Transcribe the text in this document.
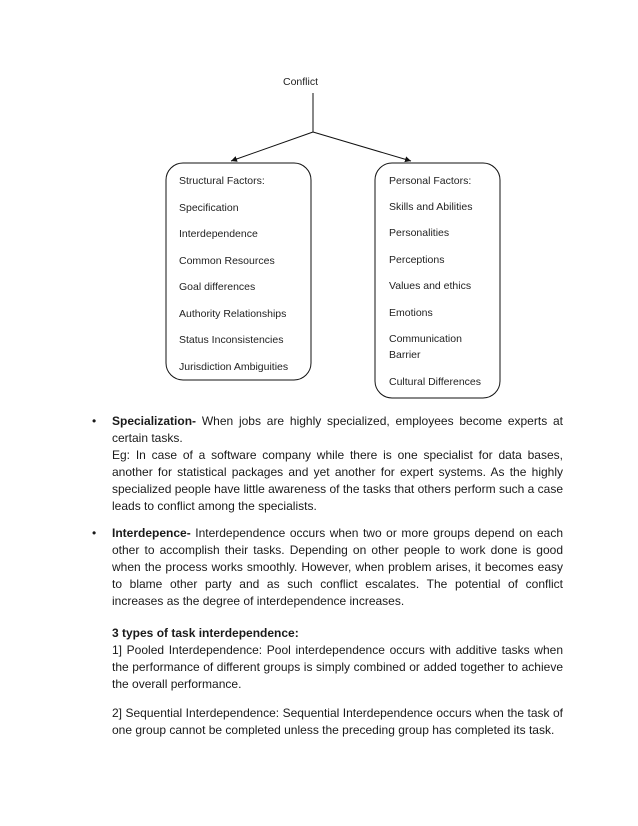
Conflict
Structural Factors:
Specification
Interdependence
Common Resources
Goal differences
Authority Relationships
Status Inconsistencies
Jurisdiction Ambiguities
Personal Factors:
Skills and Abilities
Personalities
Perceptions
Values and ethics
Emotions
Communication
Barrier
Cultural Differences
• Specialization- When jobs are highly specialized, employees become experts at certain tasks.

Eg: In case of a software company while there is one specialist for data bases, another for statistical packages and yet another for expert systems. As the highly specialized people have little awareness of the tasks that others perform such a case leads to conflict among the specialists.

• Interdepence- Interdependence occurs when two or more groups depend on each other to accomplish their tasks. Depending on other people to work done is good when the process works smoothly. However, when problem arises, it becomes easy to blame other party and as such conflict escalates. The potential of conflict increases as the degree of interdependence increases.

3 types of task interdependence:

1] Pooled Interdependence: Pool interdependence occurs with additive tasks when the performance of different groups is simply combined or added together to achieve the overall performance.

2] Sequential Interdependence: Sequential Interdependence occurs when the task of one group cannot be completed unless the preceding group has completed its task.
